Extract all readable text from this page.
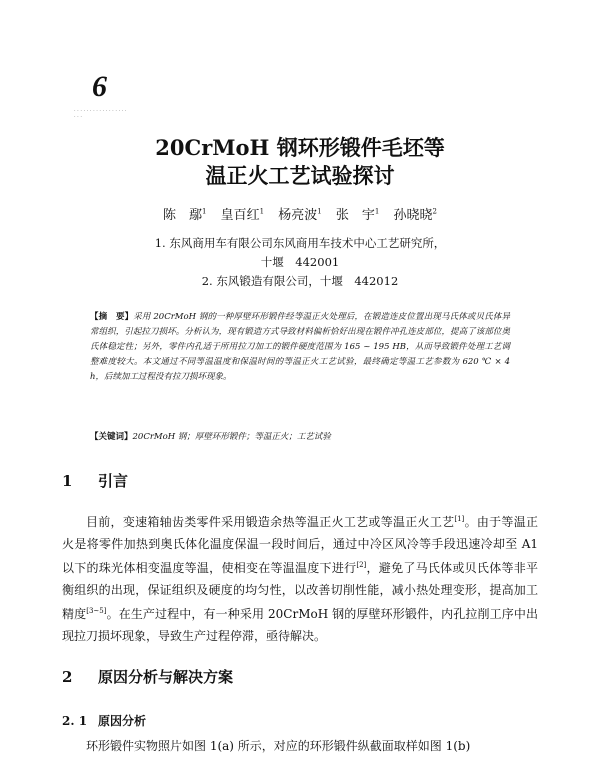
6
· · · · · · · · · · · · · · · · · · · ·
20CrMoH 钢环形锻件毛坯等
温正火工艺试验探讨
陈　鄢$^1$ 皇百红$^1$ 杨亮波$^1$ 张　宇$^1$ 孙晓晓$^2$
1. 东风商用车有限公司东风商用车技术中心工艺研究所，
十堰　442001
2. 东风锻造有限公司，十堰　442012
【摘　要】采用 20CrMoH 钢的一种厚壁环形锻件经等温正火处理后，在锻造连皮位置出现马氏体或贝氏体异常组织，引起拉刀损坏。分析认为，现有锻造方式导致材料偏析恰好出现在锻件冲孔连皮部位，提高了该部位奥氏体稳定性；另外，零件内孔适于所用拉刀加工的锻件硬度范围为 165 ~ 195 HB，从而导致锻件处理工艺调整难度较大。本文通过不同等温温度和保温时间的等温正火工艺试验，最终确定等温工艺参数为 620 ℃ × 4 h，后续加工过程没有拉刀损坏现象。
【关键词】20CrMoH 钢；厚壁环形锻件；等温正火；工艺试验
1 引言

目前，变速箱轴齿类零件采用锻造余热等温正火工艺或等温正火工艺[1]。由于等温正火是将零件加热到奥氏体化温度保温一段时间后，通过中冷区风冷等手段迅速冷却至 A1 以下的珠光体相变温度等温，使相变在等温温度下进行[2]，避免了马氏体或贝氏体等非平衡组织的出现，保证组织及硬度的均匀性，以改善切削性能，减小热处理变形，提高加工精度[3~5]。在生产过程中，有一种采用 20CrMoH 钢的厚壁环形锻件，内孔拉削工序中出现拉刀损坏现象，导致生产过程停滞，亟待解决。

2 原因分析与解决方案
2. 1 原因分析

环形锻件实物照片如图 1(a) 所示，对应的环形锻件纵截面取样如图 1(b)
